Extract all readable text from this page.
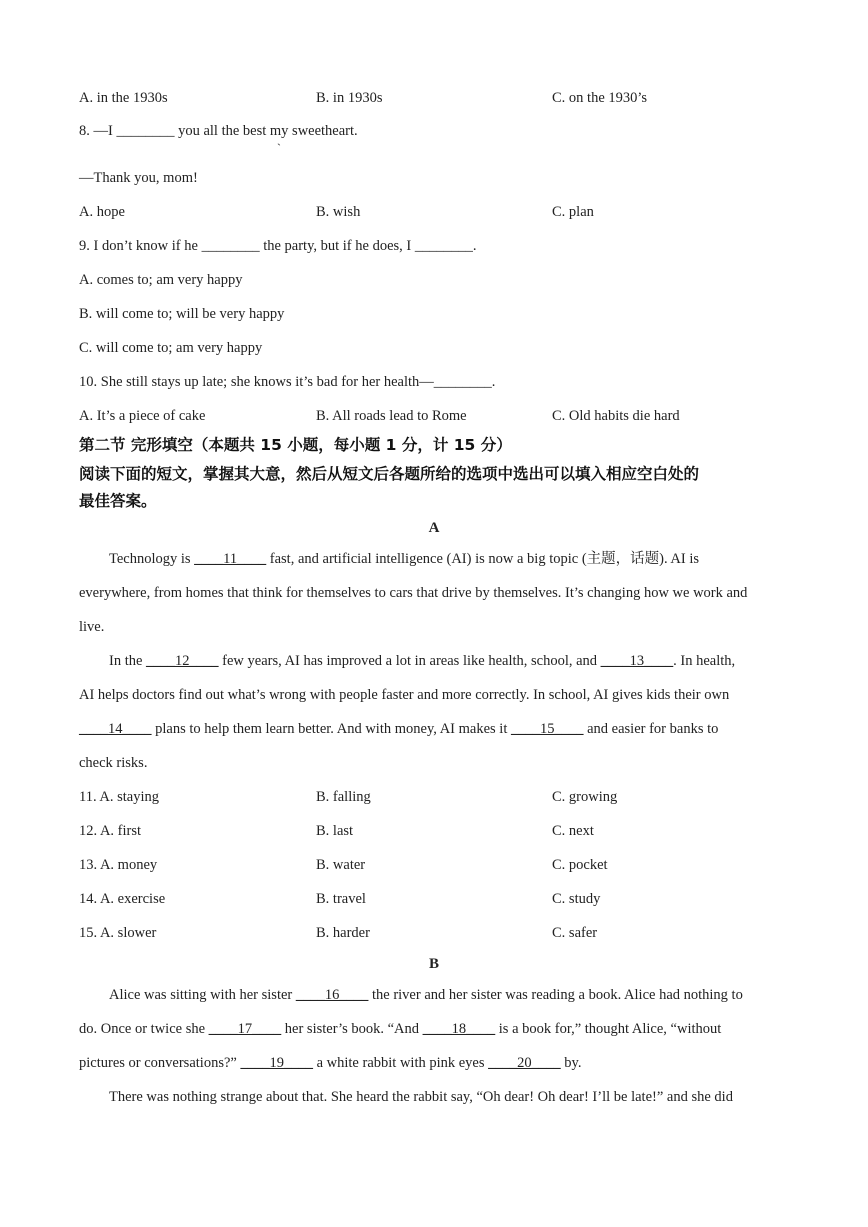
A. in the 1930s	B. in 1930s	C. on the 1930’s
8. —I ________ you all the best my sweetheart.
ˋ
—Thank you, mom!
A. hope	B. wish	C. plan
9. I don’t know if he ________ the party, but if he does, I ________.
A. comes to; am very happy
B. will come to; will be very happy
C. will come to; am very happy
10. She still stays up late; she knows it’s bad for her health—________.
A. It’s a piece of cake	B. All roads lead to Rome	C. Old habits die hard
第二节 完形填空（本题共 15 小题，每小题 1 分，计 15 分）
阅读下面的短文，掌握其大意，然后从短文后各题所给的选项中选出可以填入相应空白处的
最佳答案。
A
Technology is ____11____ fast, and artificial intelligence (AI) is now a big topic (主题，话题). AI is
everywhere, from homes that think for themselves to cars that drive by themselves. It’s changing how we work and
live.
In the ____12____ few years, AI has improved a lot in areas like health, school, and ____13____. In health,
AI helps doctors find out what’s wrong with people faster and more correctly. In school, AI gives kids their own
____14____ plans to help them learn better. And with money, AI makes it ____15____ and easier for banks to
check risks.
11. A. staying	B. falling	C. growing
12. A. first	B. last	C. next
13. A. money	B. water	C. pocket
14. A. exercise	B. travel	C. study
15. A. slower	B. harder	C. safer
B
Alice was sitting with her sister ____16____ the river and her sister was reading a book. Alice had nothing to
do. Once or twice she ____17____ her sister’s book. “And ____18____ is a book for,” thought Alice, “without
pictures or conversations?” ____19____ a white rabbit with pink eyes ____20____ by.
There was nothing strange about that. She heard the rabbit say, “Oh dear! Oh dear! I’ll be late!” and she did
